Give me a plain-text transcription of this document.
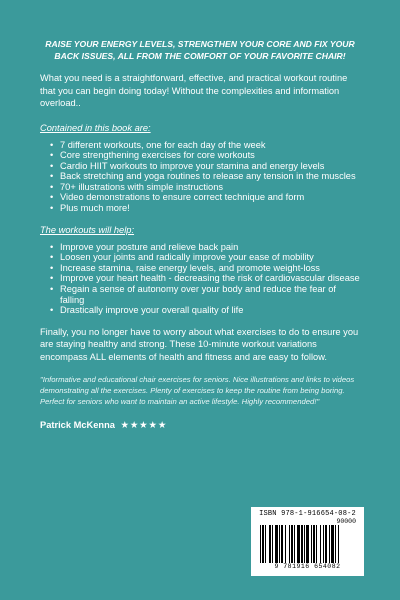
RAISE YOUR ENERGY LEVELS, STRENGTHEN YOUR CORE AND FIX YOUR BACK ISSUES, ALL FROM THE COMFORT OF YOUR FAVORITE CHAIR!

What you need is a straightforward, effective, and practical workout routine that you can begin doing today! Without the complexities and information overload..

Contained in this book are:

• 7 different workouts, one for each day of the week
• Core strengthening exercises for core workouts
• Cardio HIIT workouts to improve your stamina and energy levels
• Back stretching and yoga routines to release any tension in the muscles
• 70+ illustrations with simple instructions
• Video demonstrations to ensure correct technique and form
• Plus much more!

The workouts will help:

• Improve your posture and relieve back pain
• Loosen your joints and radically improve your ease of mobility
• Increase stamina, raise energy levels, and promote weight-loss
• Improve your heart health - decreasing the risk of cardiovascular disease
• Regain a sense of autonomy over your body and reduce the fear of falling
• Drastically improve your overall quality of life

Finally, you no longer have to worry about what exercises to do to ensure you are staying healthy and strong. These 10-minute workout variations encompass ALL elements of health and fitness and are easy to follow.

"Informative and educational chair exercises for seniors. Nice illustrations and links to videos demonstrating all the exercises. Plenty of exercises to keep the routine from being boring. Perfect for seniors who want to maintain an active lifestyle. Highly recommended!"

Patrick McKenna ★★★★★
ISBN 978-1-916654-08-2
90000
9 781916 654082
